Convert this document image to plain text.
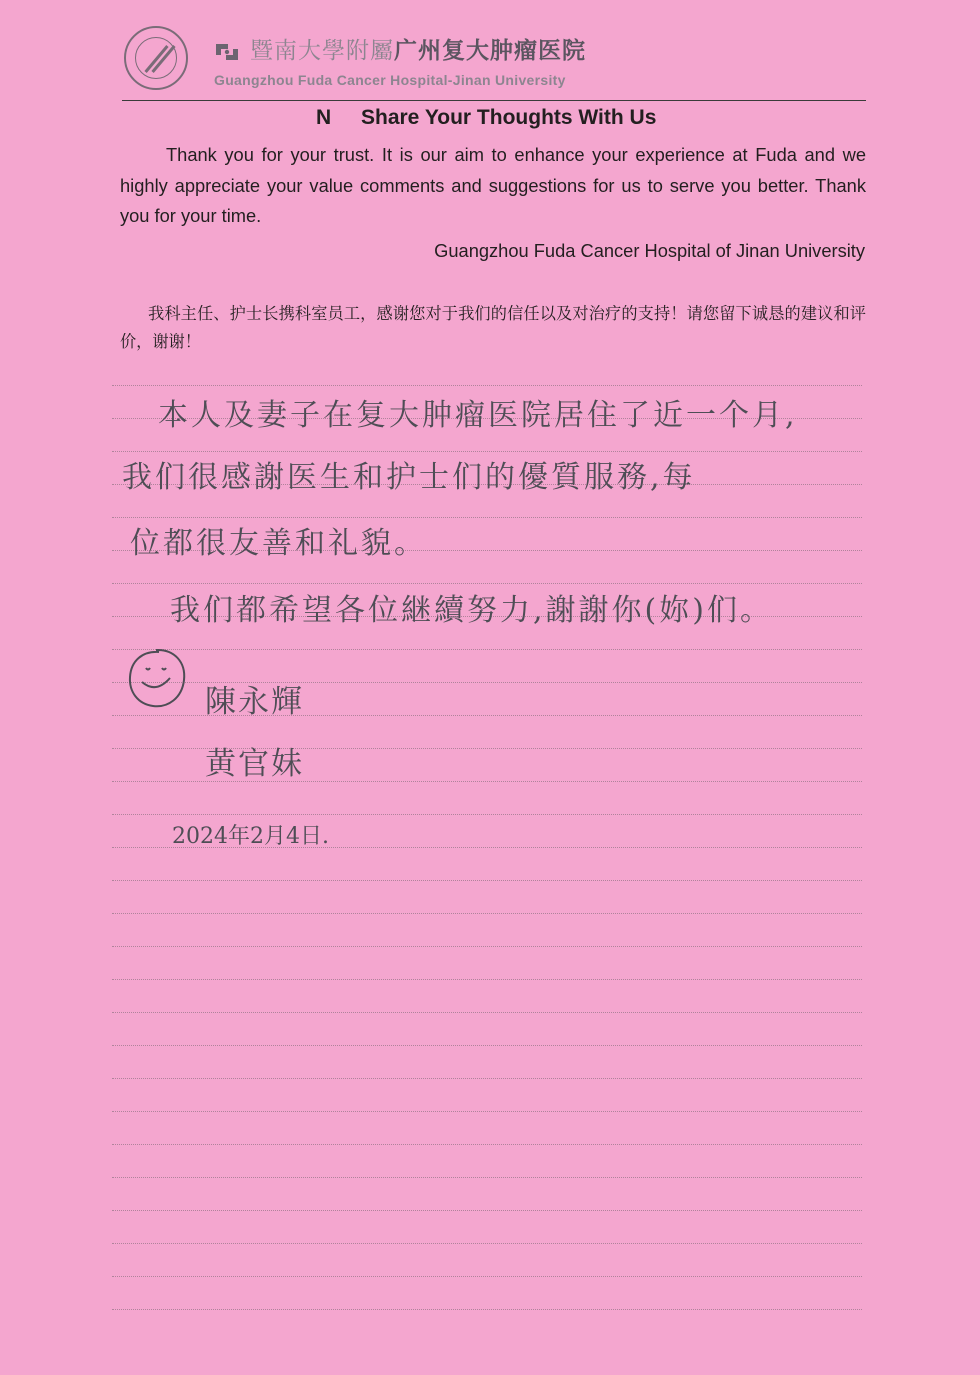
暨南大學附屬广州复大肿瘤医院
Guangzhou Fuda Cancer Hospital-Jinan University
N Share Your Thoughts With Us
Thank you for your trust. It is our aim to enhance your experience at Fuda and we highly appreciate your value comments and suggestions for us to serve you better. Thank you for your time.
Guangzhou Fuda Cancer Hospital of Jinan University
我科主任、护士长携科室员工，感谢您对于我们的信任以及对治疗的支持！请您留下诚恳的建议和评价，谢谢！
本人及妻子在复大肿瘤医院居住了近一个月,
我们很感謝医生和护士们的優質服務,每
位都很友善和礼貌。
我们都希望各位継續努力,謝謝你(妳)们。
陳永輝
黄官妹
2024年2月4日.
